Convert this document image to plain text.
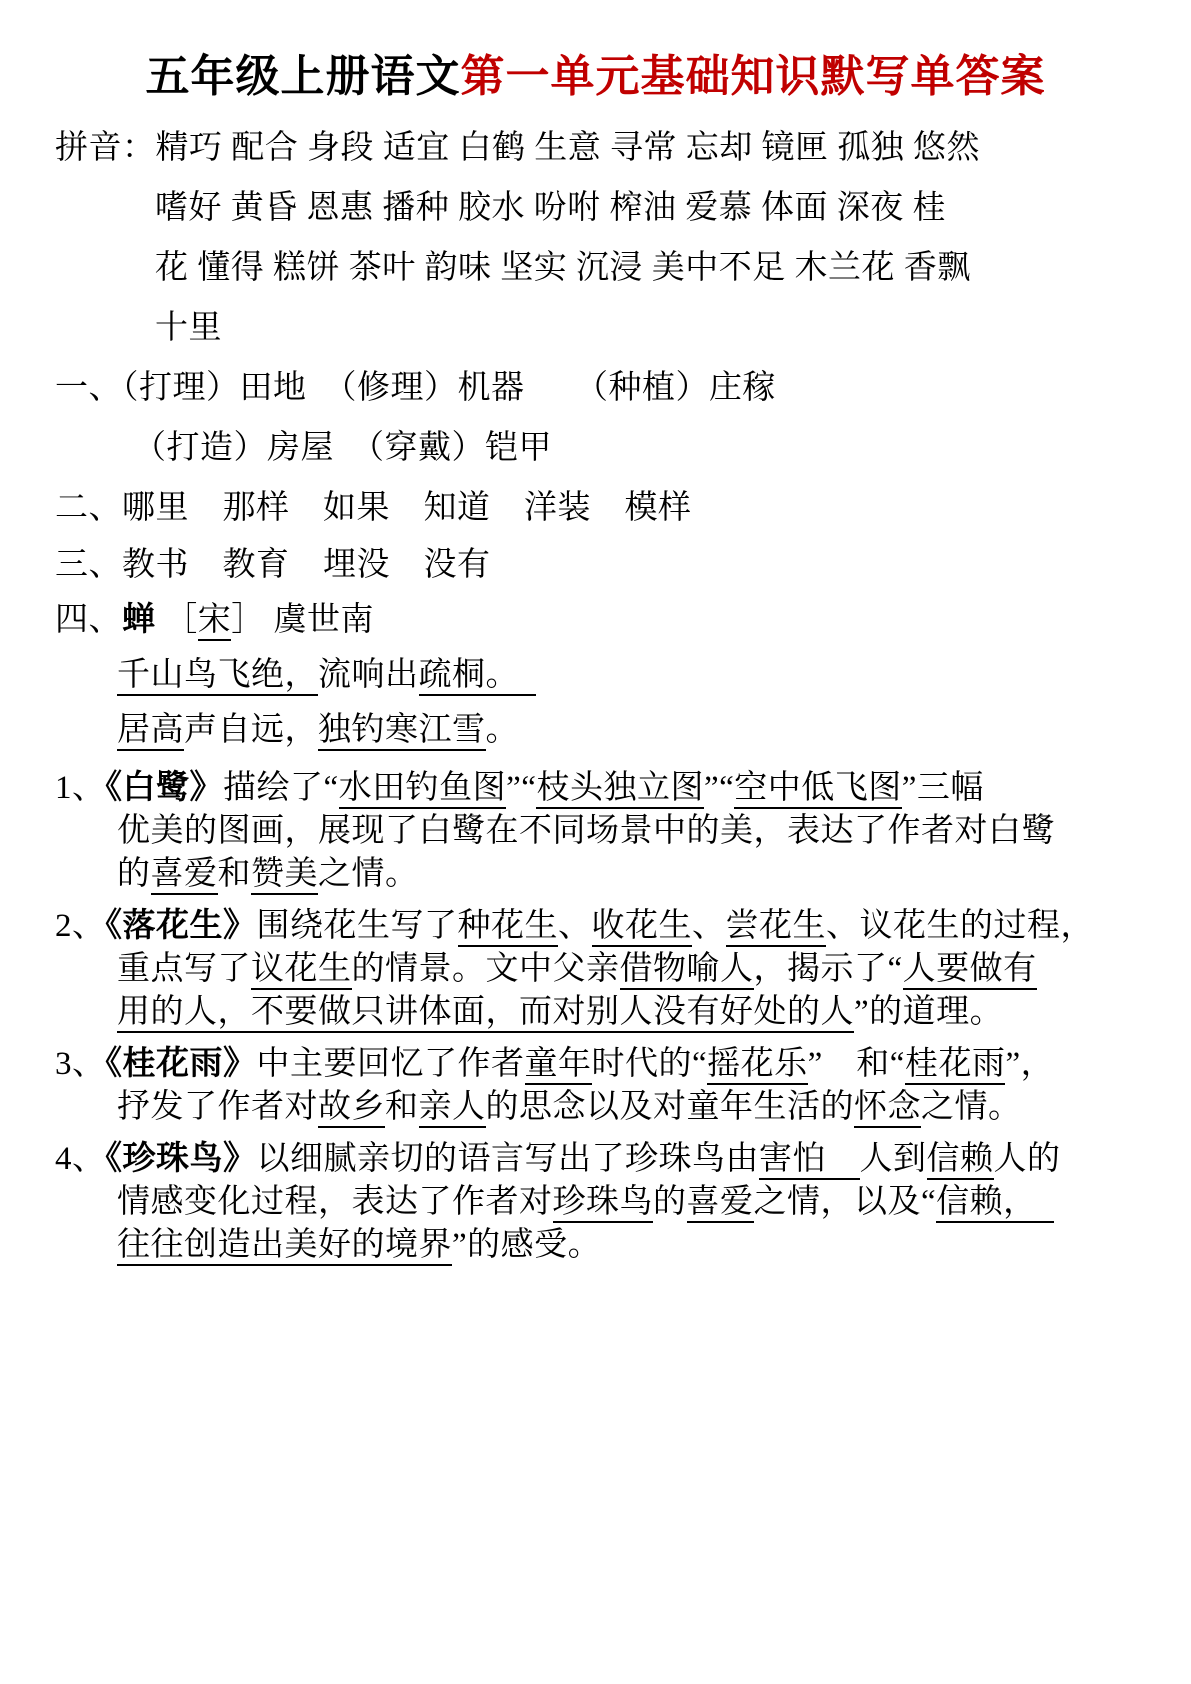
五年级上册语文第一单元基础知识默写单答案
拼音：精巧 配合 身段 适宜 白鹤 生意 寻常 忘却 镜匣 孤独 悠然
嗜好 黄昏 恩惠 播种 胶水 吩咐 榨油 爱慕 体面 深夜 桂
花 懂得 糕饼 茶叶 韵味 坚实 沉浸 美中不足 木兰花 香飘
十里
一、（打理）田地　（修理）机器　　（种植）庄稼
（打造）房屋　（穿戴）铠甲
二、哪里　那样　如果　知道　洋装　模样
三、教书　教育　埋没　没有
四、蝉 ［宋］ 虞世南
千山鸟飞绝，流响出疏桐。　
居高声自远，独钓寒江雪。
1、《白鹭》描绘了“水田钓鱼图”“枝头独立图”“空中低飞图”三幅
优美的图画，展现了白鹭在不同场景中的美，表达了作者对白鹭
的喜爱和赞美之情。
2、《落花生》围绕花生写了种花生、收花生、尝花生、议花生的过程，
重点写了议花生的情景。文中父亲借物喻人，揭示了“人要做有
用的人，不要做只讲体面，而对别人没有好处的人”的道理。
3、《桂花雨》中主要回忆了作者童年时代的“摇花乐”　和“桂花雨”，
抒发了作者对故乡和亲人的思念以及对童年生活的怀念之情。
4、《珍珠鸟》以细腻亲切的语言写出了珍珠鸟由害怕　人到信赖人的
情感变化过程，表达了作者对珍珠鸟的喜爱之情，以及“信赖，　
往往创造出美好的境界”的感受。
